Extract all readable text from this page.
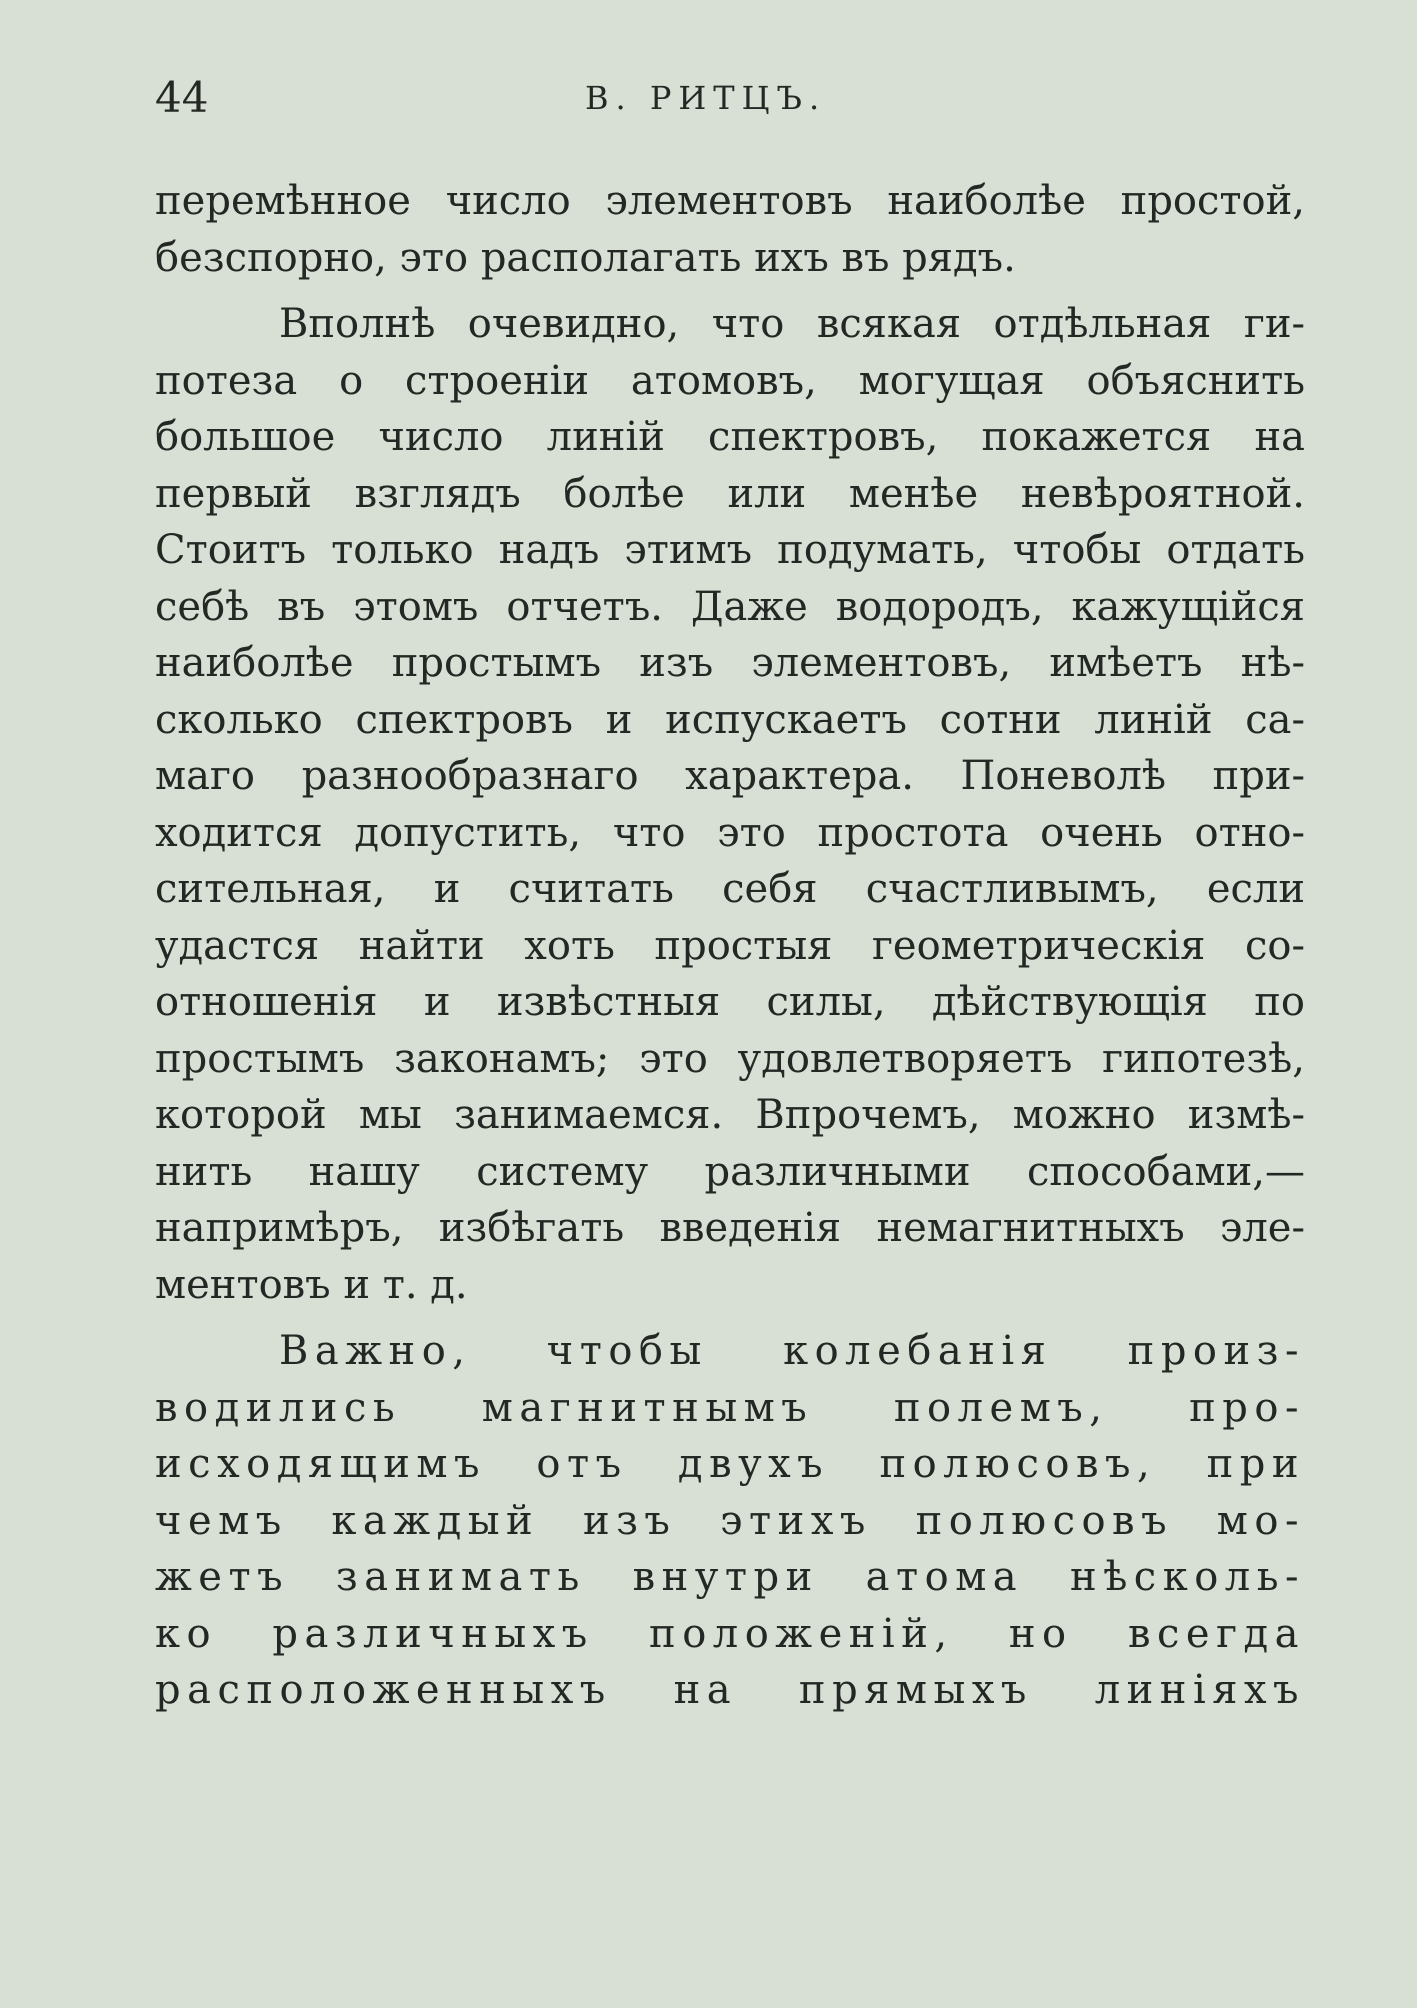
44	В. РИТЦЪ.
перемѣнное число элементовъ наиболѣе простой,
безспорно, это располагать ихъ въ рядъ.
Вполнѣ очевидно, что всякая отдѣльная ги-
потеза о строеніи атомовъ, могущая объяснить
большое число линій спектровъ, покажется на
первый взглядъ болѣе или менѣе невѣроятной.
Стоитъ только надъ этимъ подумать, чтобы отдать
себѣ въ этомъ отчетъ. Даже водородъ, кажущійся
наиболѣе простымъ изъ элементовъ, имѣетъ нѣ-
сколько спектровъ и испускаетъ сотни линій са-
маго разнообразнаго характера. Поневолѣ при-
ходится допустить, что это простота очень отно-
сительная, и считать себя счастливымъ, если
удастся найти хоть простыя геометрическія со-
отношенія и извѣстныя силы, дѣйствующія по
простымъ законамъ; это удовлетворяетъ гипотезѣ,
которой мы занимаемся. Впрочемъ, можно измѣ-
нить нашу систему различными способами,—
напримѣръ, избѣгать введенія немагнитныхъ эле-
ментовъ и т. д.
Важно, чтобы колебанія произ-
водились магнитнымъ полемъ, про-
исходящимъ отъ двухъ полюсовъ, при
чемъ каждый изъ этихъ полюсовъ мо-
жетъ занимать внутри атома нѣсколь-
ко различныхъ положеній, но всегда
расположенныхъ на прямыхъ линіяхъ
